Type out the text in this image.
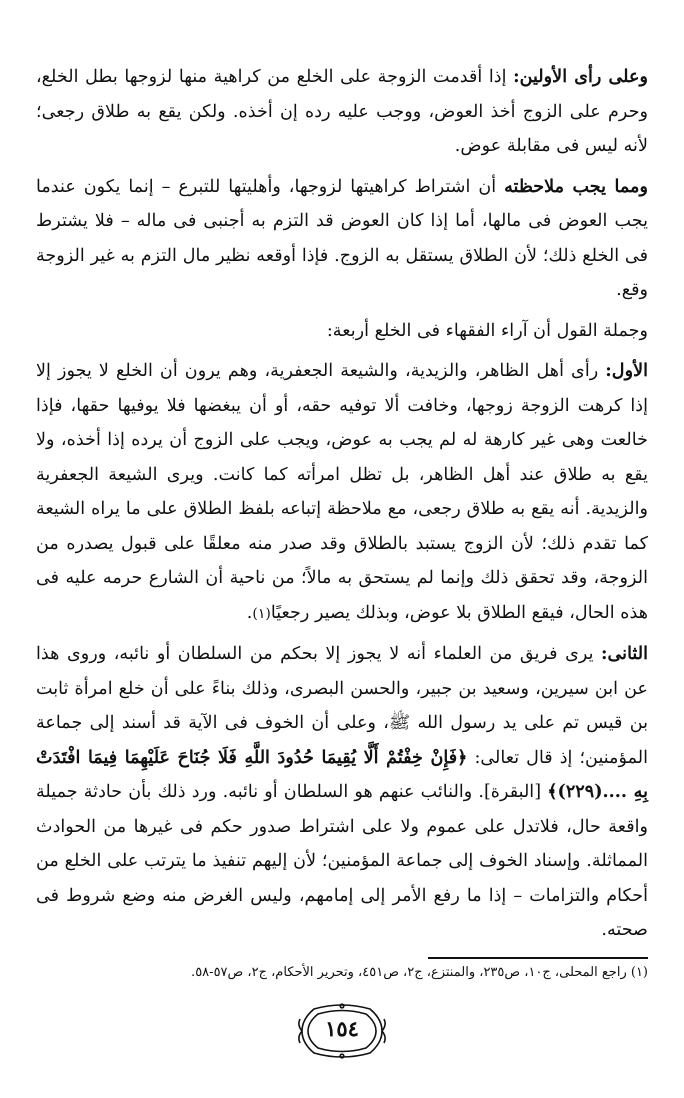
وعلى رأى الأولين: إذا أقدمت الزوجة على الخلع من كراهية منها لزوجها بطل الخلع، وحرم على الزوج أخذ العوض، ووجب عليه رده إن أخذه. ولكن يقع به طلاق رجعى؛ لأنه ليس فى مقابلة عوض.

ومما يجب ملاحظته أن اشتراط كراهيتها لزوجها، وأهليتها للتبرع – إنما يكون عندما يجب العوض فى مالها، أما إذا كان العوض قد التزم به أجنبى فى ماله – فلا يشترط فى الخلع ذلك؛ لأن الطلاق يستقل به الزوج. فإذا أوقعه نظير مال التزم به غير الزوجة وقع.

وجملة القول أن آراء الفقهاء فى الخلع أربعة:

الأول: رأى أهل الظاهر، والزيدية، والشيعة الجعفرية، وهم يرون أن الخلع لا يجوز إلا إذا كرهت الزوجة زوجها، وخافت ألا توفيه حقه، أو أن يبغضها فلا يوفيها حقها، فإذا خالعت وهى غير كارهة له لم يجب به عوض، ويجب على الزوج أن يرده إذا أخذه، ولا يقع به طلاق عند أهل الظاهر، بل تظل امرأته كما كانت. ويرى الشيعة الجعفرية والزيدية. أنه يقع به طلاق رجعى، مع ملاحظة إتباعه بلفظ الطلاق على ما يراه الشيعة كما تقدم ذلك؛ لأن الزوج يستبد بالطلاق وقد صدر منه معلقًا على قبول يصدره من الزوجة، وقد تحقق ذلك وإنما لم يستحق به مالاً؛ من ناحية أن الشارع حرمه عليه فى هذه الحال، فيقع الطلاق بلا عوض، وبذلك يصير رجعيًا(١).

الثانى: يرى فريق من العلماء أنه لا يجوز إلا بحكم من السلطان أو نائبه، وروى هذا عن ابن سيرين، وسعيد بن جبير، والحسن البصرى، وذلك بناءً على أن خلع امرأة ثابت بن قيس تم على يد رسول الله ﷺ، وعلى أن الخوف فى الآية قد أسند إلى جماعة المؤمنين؛ إذ قال تعالى: ﴿فَإِنْ خِفْتُمْ أَلَّا يُقِيمَا حُدُودَ اللَّهِ فَلَا جُنَاحَ عَلَيْهِمَا فِيمَا افْتَدَتْ بِهِ ....(٢٢٩)﴾ [البقرة]. والنائب عنهم هو السلطان أو نائبه. ورد ذلك بأن حادثة جميلة واقعة حال، فلاتدل على عموم ولا على اشتراط صدور حكم فى غيرها من الحوادث المماثلة. وإسناد الخوف إلى جماعة المؤمنين؛ لأن إليهم تنفيذ ما يترتب على الخلع من أحكام والتزامات – إذا ما رفع الأمر إلى إمامهم، وليس الغرض منه وضع شروط فى صحته.

(١) راجع المحلى، ج١٠، ص٢٣٥، والمنتزع، ج٢، ص٤٥١، وتحرير الأحكام، ج٢، ص٥٧-٥٨.

١٥٤
